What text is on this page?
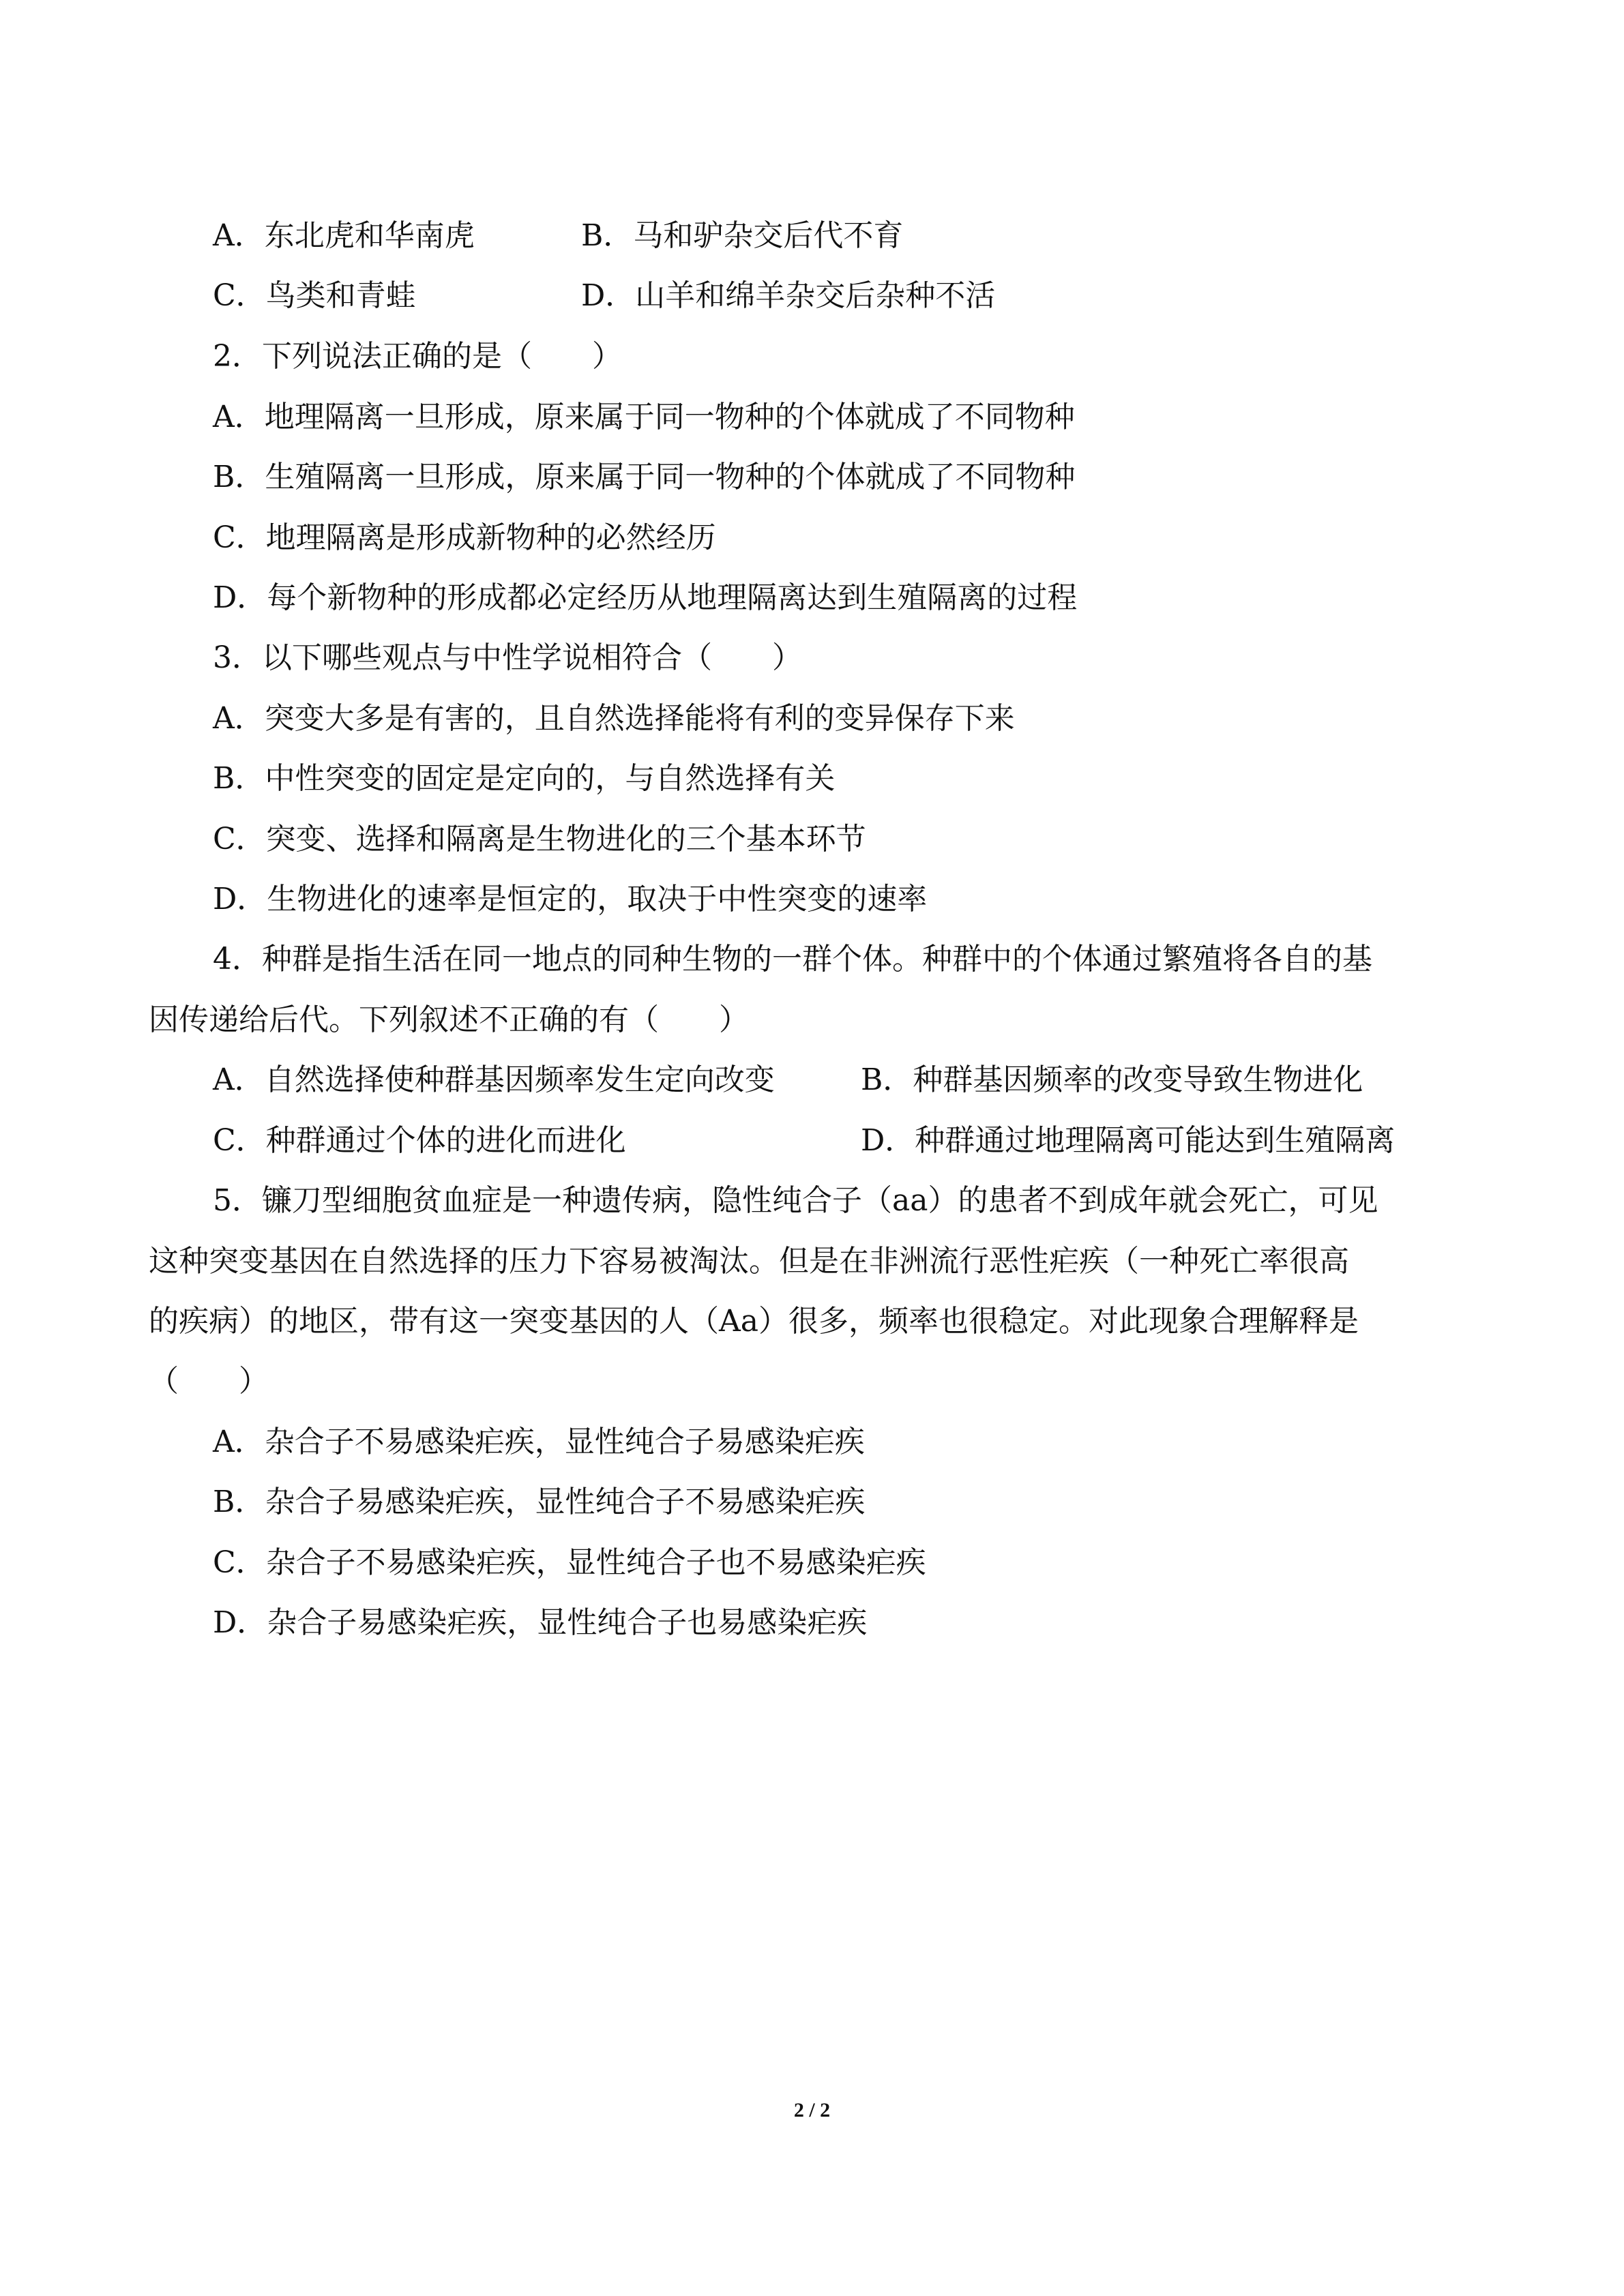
A．东北虎和华南虎	B．马和驴杂交后代不育
C．鸟类和青蛙	D．山羊和绵羊杂交后杂种不活
2．下列说法正确的是（　　）
A．地理隔离一旦形成，原来属于同一物种的个体就成了不同物种
B．生殖隔离一旦形成，原来属于同一物种的个体就成了不同物种
C．地理隔离是形成新物种的必然经历
D．每个新物种的形成都必定经历从地理隔离达到生殖隔离的过程
3．以下哪些观点与中性学说相符合（　　）
A．突变大多是有害的，且自然选择能将有利的变异保存下来
B．中性突变的固定是定向的，与自然选择有关
C．突变、选择和隔离是生物进化的三个基本环节
D．生物进化的速率是恒定的，取决于中性突变的速率
4．种群是指生活在同一地点的同种生物的一群个体。种群中的个体通过繁殖将各自的基
因传递给后代。下列叙述不正确的有（　　）
A．自然选择使种群基因频率发生定向改变	B．种群基因频率的改变导致生物进化
C．种群通过个体的进化而进化	D．种群通过地理隔离可能达到生殖隔离
5．镰刀型细胞贫血症是一种遗传病，隐性纯合子（aa）的患者不到成年就会死亡，可见
这种突变基因在自然选择的压力下容易被淘汰。但是在非洲流行恶性疟疾（一种死亡率很高
的疾病）的地区，带有这一突变基因的人（Aa）很多，频率也很稳定。对此现象合理解释是
（　　）
A．杂合子不易感染疟疾，显性纯合子易感染疟疾
B．杂合子易感染疟疾，显性纯合子不易感染疟疾
C．杂合子不易感染疟疾，显性纯合子也不易感染疟疾
D．杂合子易感染疟疾，显性纯合子也易感染疟疾
2 / 2
